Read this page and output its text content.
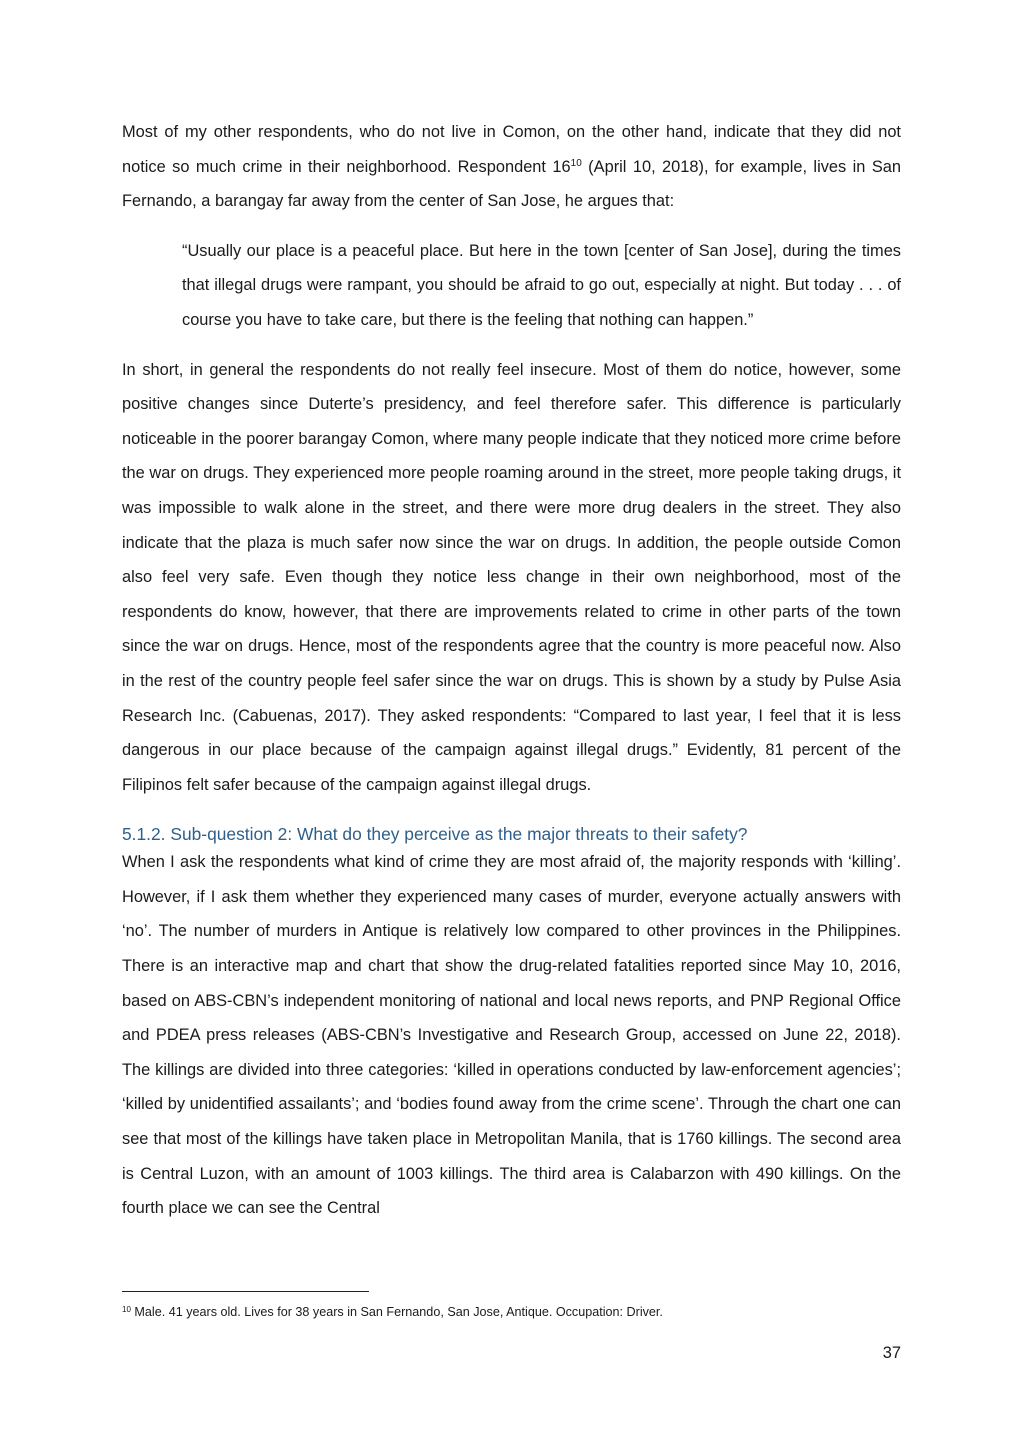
Most of my other respondents, who do not live in Comon, on the other hand, indicate that they did not notice so much crime in their neighborhood. Respondent $16^{10}$ (April 10, 2018), for example, lives in San Fernando, a barangay far away from the center of San Jose, he argues that:

“Usually our place is a peaceful place. But here in the town [center of San Jose], during the times that illegal drugs were rampant, you should be afraid to go out, especially at night. But today . . . of course you have to take care, but there is the feeling that nothing can happen.”

In short, in general the respondents do not really feel insecure. Most of them do notice, however, some positive changes since Duterte’s presidency, and feel therefore safer. This difference is particularly noticeable in the poorer barangay Comon, where many people indicate that they noticed more crime before the war on drugs. They experienced more people roaming around in the street, more people taking drugs, it was impossible to walk alone in the street, and there were more drug dealers in the street. They also indicate that the plaza is much safer now since the war on drugs. In addition, the people outside Comon also feel very safe. Even though they notice less change in their own neighborhood, most of the respondents do know, however, that there are improvements related to crime in other parts of the town since the war on drugs. Hence, most of the respondents agree that the country is more peaceful now. Also in the rest of the country people feel safer since the war on drugs. This is shown by a study by Pulse Asia Research Inc. (Cabuenas, 2017). They asked respondents: “Compared to last year, I feel that it is less dangerous in our place because of the campaign against illegal drugs.” Evidently, 81 percent of the Filipinos felt safer because of the campaign against illegal drugs.

5.1.2. Sub-question 2: What do they perceive as the major threats to their safety?

When I ask the respondents what kind of crime they are most afraid of, the majority responds with ‘killing’. However, if I ask them whether they experienced many cases of murder, everyone actually answers with ‘no’. The number of murders in Antique is relatively low compared to other provinces in the Philippines. There is an interactive map and chart that show the drug-related fatalities reported since May 10, 2016, based on ABS-CBN’s independent monitoring of national and local news reports, and PNP Regional Office and PDEA press releases (ABS-CBN’s Investigative and Research Group, accessed on June 22, 2018). The killings are divided into three categories: ‘killed in operations conducted by law-enforcement agencies’; ‘killed by unidentified assailants’; and ‘bodies found away from the crime scene’. Through the chart one can see that most of the killings have taken place in Metropolitan Manila, that is 1760 killings. The second area is Central Luzon, with an amount of 1003 killings. The third area is Calabarzon with 490 killings. On the fourth place we can see the Central

$^{10}$ Male. 41 years old. Lives for 38 years in San Fernando, San Jose, Antique. Occupation: Driver.
37
